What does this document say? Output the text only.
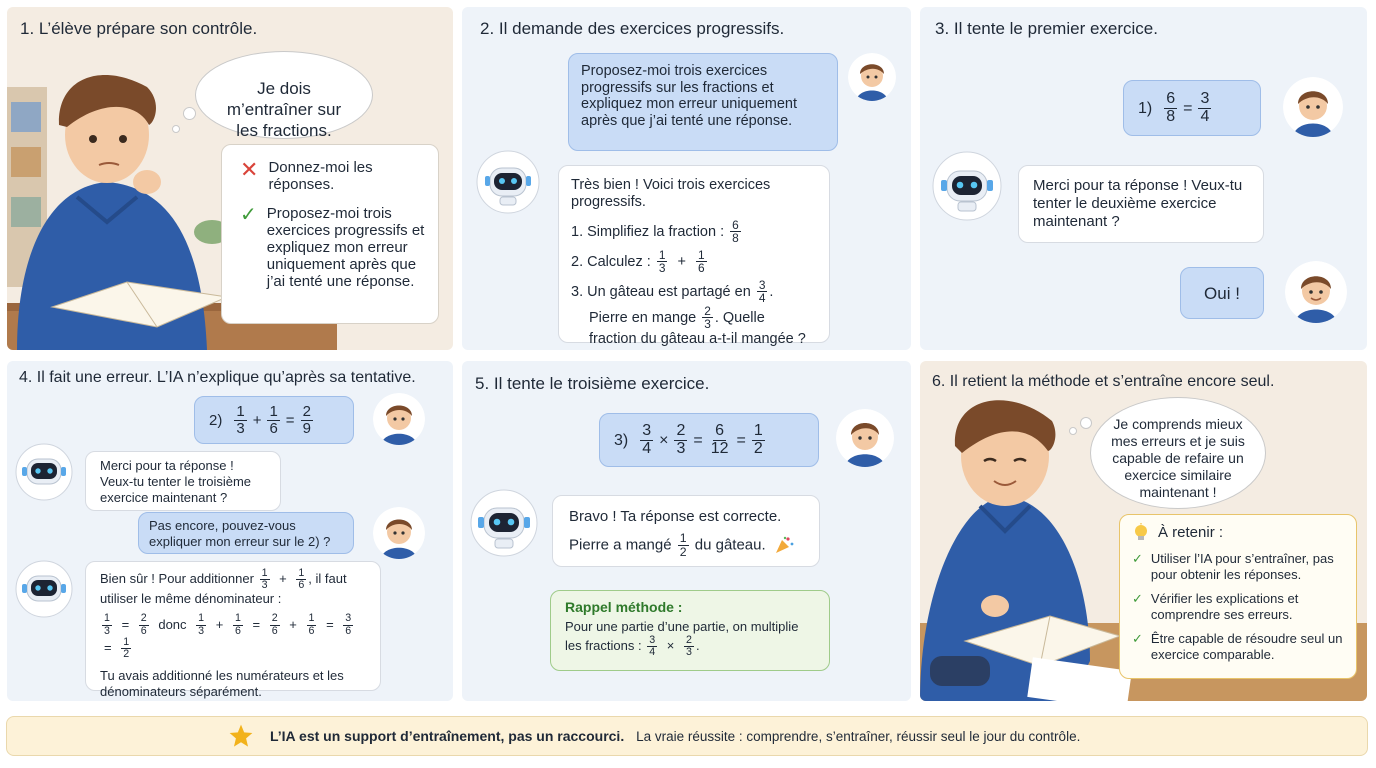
1. L’élève prépare son contrôle.
Je dois m’entraîner sur les fractions.
✕ Donnez-moi les réponses.
✓ Proposez-moi trois exercices progressifs et expliquez mon erreur uniquement après que j’ai tenté une réponse.
2. Il demande des exercices progressifs.
Proposez-moi trois exercices progressifs sur les fractions et expliquez mon erreur uniquement après que j’ai tenté une réponse.
Très bien ! Voici trois exercices progressifs.
1. Simplifiez la fraction : $\frac{6}{8}$
2. Calculez : $\frac{1}{3} + \frac{1}{6}$
3. Un gâteau est partagé en $\frac{3}{4}$ .
Pierre en mange $\frac{2}{3}$ . Quelle
fraction du gâteau a-t-il mangée ?
3. Il tente le premier exercice.
$1) \frac{6}{8} = \frac{3}{4}$
Merci pour ta réponse ! Veux-tu tenter le deuxième exercice maintenant ?
Oui !
4. Il fait une erreur. L’IA n’explique qu’après sa tentative.
$2) \frac{1}{3} + \frac{1}{6} = \frac{2}{9}$
Merci pour ta réponse ! Veux-tu tenter le troisième exercice maintenant ?
Pas encore, pouvez-vous expliquer mon erreur sur le 2) ?
Bien sûr ! Pour additionner $\frac{1}{3} + \frac{1}{6}$ , il faut utiliser le même dénominateur :
$\frac{1}{3} = \frac{2}{6}$ donc $\frac{1}{3} + \frac{1}{6} = \frac{2}{6} + \frac{1}{6} = \frac{3}{6}$
= $\frac{1}{2}$
Tu avais additionné les numérateurs et les dénominateurs séparément.
5. Il tente le troisième exercice.
$3) \frac{3}{4} \times \frac{2}{3} = \frac{6}{12} = \frac{1}{2}$
Bravo ! Ta réponse est correcte.
Pierre a mangé $\frac{1}{2}$ du gâteau.
Rappel méthode :
Pour une partie d’une partie, on multiplie les fractions : $\frac{3}{4} \times \frac{2}{3}$ .
6. Il retient la méthode et s’entraîne encore seul.
Je comprends mieux mes erreurs et je suis capable de refaire un exercice similaire maintenant !
À retenir :
✓ Utiliser l’IA pour s’entraîner, pas pour obtenir les réponses.
✓ Vérifier les explications et comprendre ses erreurs.
✓ Être capable de résoudre seul un exercice comparable.
L’IA est un support d’entraînement, pas un raccourci. La vraie réussite : comprendre, s’entraîner, réussir seul le jour du contrôle.
